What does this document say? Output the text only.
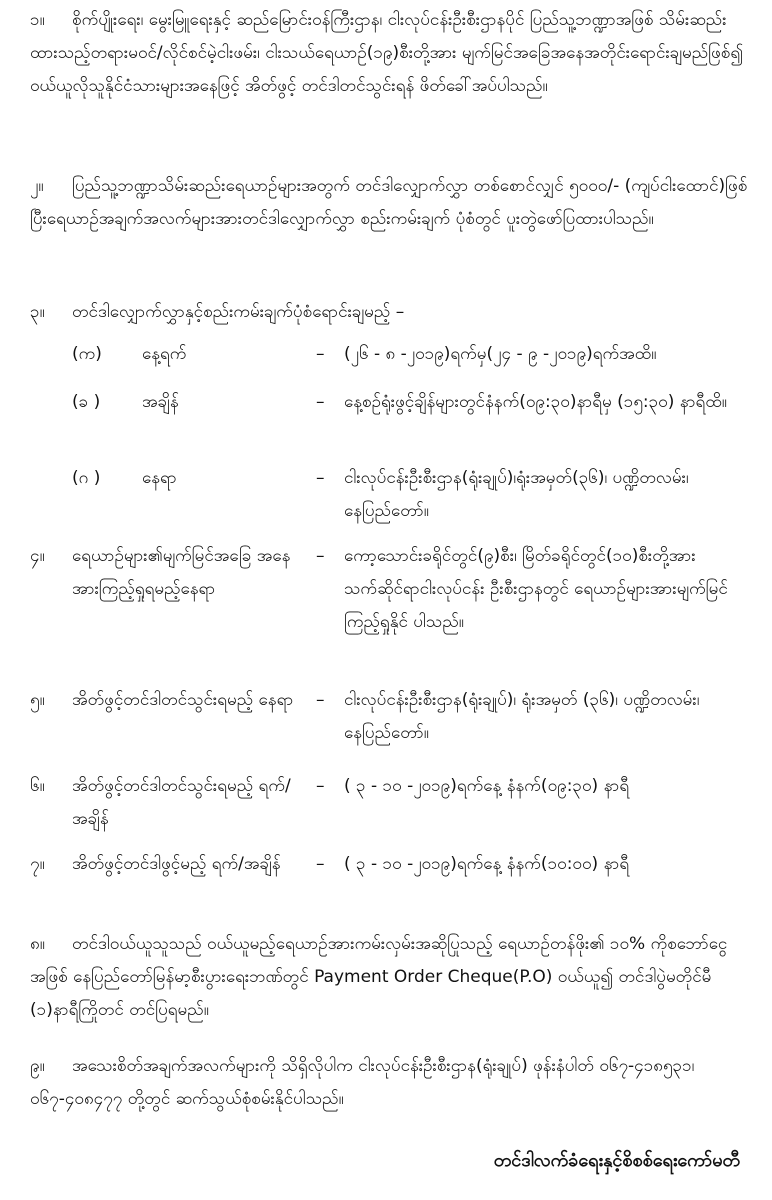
၁။ စိုက်ပျိုးရေး၊ မွေးမြူရေးနှင့် ဆည်မြောင်းဝန်ကြီးဌာန၊ ငါးလုပ်ငန်းဦးစီးဌာနပိုင် ပြည်သူ့ဘဏ္ဍာအဖြစ် သိမ်းဆည်းထားသည့်တရားမဝင်/လိုင်စင်မဲ့ငါးဖမ်း၊ ငါးသယ်ရေယာဉ်(၁၉)စီးတို့အား မျက်မြင်အခြေအနေအတိုင်းရောင်းချမည်ဖြစ်၍ ဝယ်ယူလိုသူနိုင်ငံသားများအနေဖြင့် အိတ်ဖွင့် တင်ဒါတင်သွင်းရန် ဖိတ်ခေါ်အပ်ပါသည်။
၂။ ပြည်သူ့ဘဏ္ဍာသိမ်းဆည်းရေယာဉ်များအတွက် တင်ဒါလျှောက်လွှာ တစ်စောင်လျှင် ၅၀၀၀/- (ကျပ်ငါးထောင်)ဖြစ်ပြီးရေယာဉ်အချက်အလက်များအားတင်ဒါလျှောက်လွှာ စည်းကမ်းချက် ပုံစံတွင် ပူးတွဲဖော်ပြထားပါသည်။
၃။ တင်ဒါလျှောက်လွှာနှင့်စည်းကမ်းချက်ပုံစံရောင်းချမည့် –
(က) နေ့ရက်	– (၂၆ - ၈ -၂၀၁၉)ရက်မှ(၂၄ - ၉ -၂၀၁၉)ရက်အထိ။
(ခ ) အချိန်	– နေ့စဉ်ရုံးဖွင့်ချိန်များတွင်နံနက်(၀၉:၃၀)နာရီမှ (၁၅:၃၀) နာရီထိ။
(ဂ ) နေရာ	– ငါးလုပ်ငန်းဦးစီးဌာန(ရုံးချုပ်)၊ရုံးအမှတ်(၃၆)၊ ပဏ္ဍိတလမ်း၊ နေပြည်တော်။
၄။ ရေယာဉ်များ၏မျက်မြင်အခြေ အနေအားကြည့်ရှုရမည့်နေရာ
– ကော့သောင်းခရိုင်တွင်(၉)စီး၊ မြိတ်ခရိုင်တွင်(၁၀)စီးတို့အားသက်ဆိုင်ရာငါးလုပ်ငန်း ဦးစီးဌာနတွင် ရေယာဉ်များအားမျက်မြင်ကြည့်ရှုနိုင် ပါသည်။
၅။ အိတ်ဖွင့်တင်ဒါတင်သွင်းရမည့် နေရာ	– ငါးလုပ်ငန်းဦးစီးဌာန(ရုံးချုပ်)၊ ရုံးအမှတ် (၃၆)၊ ပဏ္ဍိတလမ်း၊ နေပြည်တော်။
၆။ အိတ်ဖွင့်တင်ဒါတင်သွင်းရမည့် ရက်/အချိန်
– ( ၃ - ၁၀ -၂၀၁၉)ရက်နေ့ နံနက်(၀၉:၃၀) နာရီ
၇။ အိတ်ဖွင့်တင်ဒါဖွင့်မည့် ရက်/အချိန်	– ( ၃ - ၁၀ -၂၀၁၉)ရက်နေ့ နံနက်(၁၀:၀၀) နာရီ
၈။ တင်ဒါဝယ်ယူသူသည် ဝယ်ယူမည့်ရေယာဉ်အားကမ်းလှမ်းအဆိုပြုသည့် ရေယာဉ်တန်ဖိုး၏ ၁၀% ကိုစဘော်ငွေအဖြစ် နေပြည်တော်မြန်မာ့စီးပွားရေးဘဏ်တွင် Payment Order Cheque(P.O) ဝယ်ယူ၍ တင်ဒါပွဲမတိုင်မီ (၁)နာရီကြိုတင် တင်ပြရမည်။
၉။ အသေးစိတ်အချက်အလက်များကို သိရှိလိုပါက ငါးလုပ်ငန်းဦးစီးဌာန(ရုံးချုပ်) ဖုန်းနံပါတ် ၀၆၇-၄၁၈၅၃၁၊ ၀၆၇-၄၀၈၄၇၇ တို့တွင် ဆက်သွယ်စုံစမ်းနိုင်ပါသည်။
တင်ဒါလက်ခံရေးနှင့်စိစစ်ရေးကော်မတီ
